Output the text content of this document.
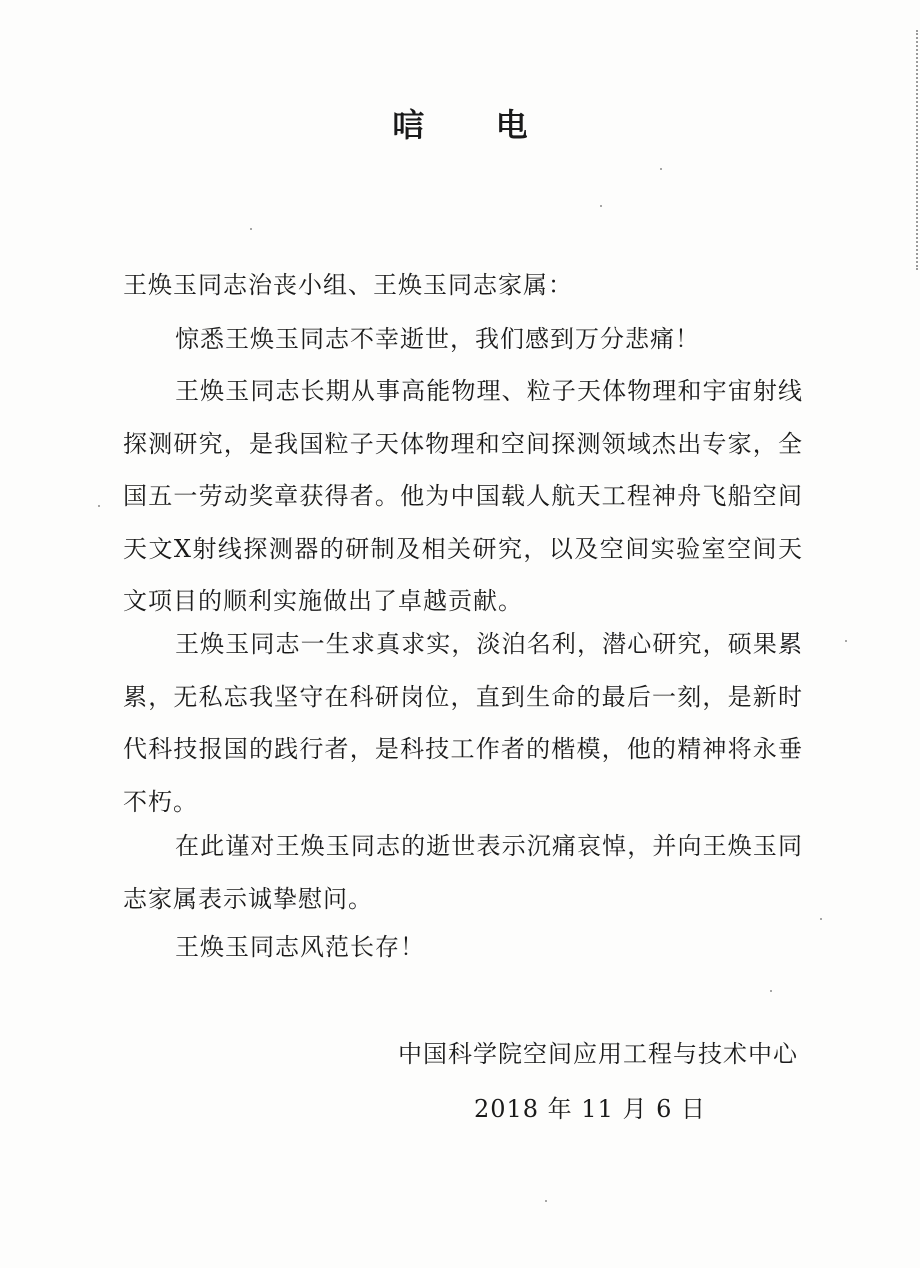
唁 电
王焕玉同志治丧小组、王焕玉同志家属：

惊悉王焕玉同志不幸逝世，我们感到万分悲痛！

王焕玉同志长期从事高能物理、粒子天体物理和宇宙射线探测研究，是我国粒子天体物理和空间探测领域杰出专家，全国五一劳动奖章获得者。他为中国载人航天工程神舟飞船空间天文X射线探测器的研制及相关研究，以及空间实验室空间天文项目的顺利实施做出了卓越贡献。

王焕玉同志一生求真求实，淡泊名利，潜心研究，硕果累累，无私忘我坚守在科研岗位，直到生命的最后一刻，是新时代科技报国的践行者，是科技工作者的楷模，他的精神将永垂不朽。

在此谨对王焕玉同志的逝世表示沉痛哀悼，并向王焕玉同志家属表示诚挚慰问。

王焕玉同志风范长存！

中国科学院空间应用工程与技术中心
2018 年 11 月 6 日
